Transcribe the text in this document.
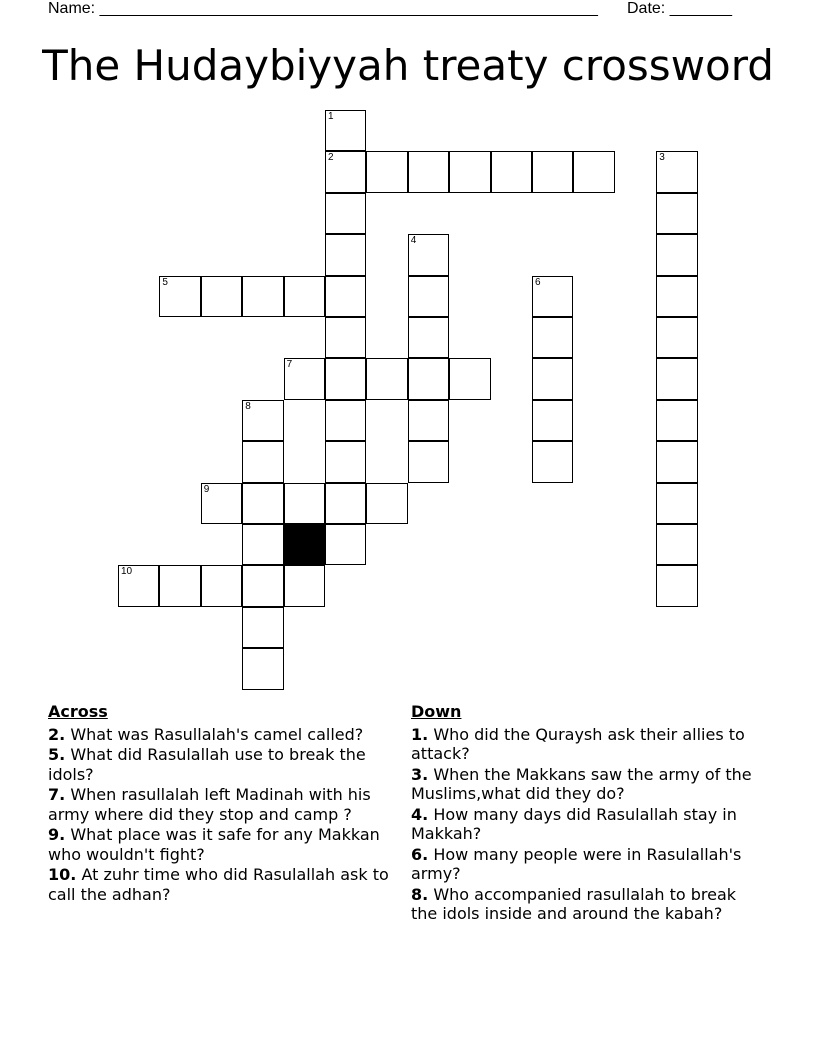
Name: ________________________________________________________ Date: _______
The Hudaybiyyah treaty crossword
1
2	3
4
5	6
7
8
9
10
Across
2. What was Rasullalah's camel called?
5. What did Rasulallah use to break the idols?
7. When rasullalah left Madinah with his army where did they stop and camp ?
9. What place was it safe for any Makkan who wouldn't fight?
10. At zuhr time who did Rasulallah ask to call the adhan?
Down
1. Who did the Quraysh ask their allies to attack?
3. When the Makkans saw the army of the Muslims,what did they do?
4. How many days did Rasulallah stay in Makkah?
6. How many people were in Rasulallah's army?
8. Who accompanied rasullalah to break the idols inside and around the kabah?
